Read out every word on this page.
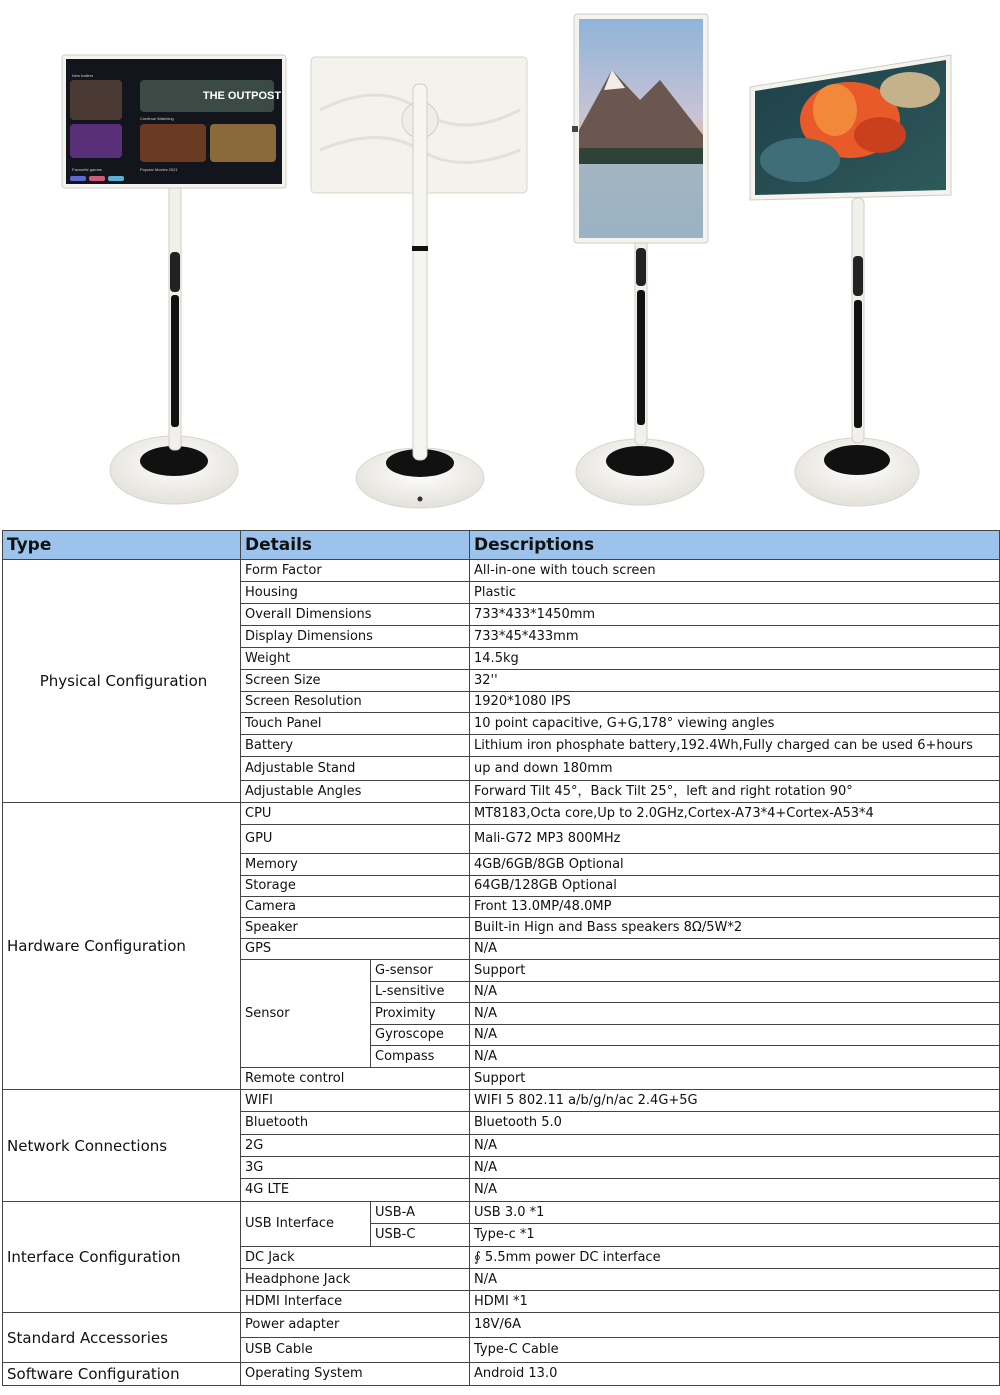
THE OUTPOST
New trailers
Continue Watching
Favourite games	Popular Movies 2021
Type	Details		Descriptions
Physical Configuration	Form Factor		All-in-one with touch screen
	Housing		Plastic
	Overall Dimensions		733*433*1450mm
	Display Dimensions		733*45*433mm
	Weight		14.5kg
	Screen Size		32''
	Screen Resolution		1920*1080 IPS
	Touch Panel		10 point capacitive, G+G,178° viewing angles
	Battery		Lithium iron phosphate battery,192.4Wh,Fully charged can be used 6+hours
	Adjustable Stand		up and down 180mm
	Adjustable Angles		Forward Tilt 45°，Back Tilt 25°，left and right rotation 90°
Hardware Configuration	CPU		MT8183,Octa core,Up to 2.0GHz,Cortex-A73*4+Cortex-A53*4
	GPU		Mali-G72 MP3 800MHz
	Memory		4GB/6GB/8GB Optional
	Storage		64GB/128GB Optional
	Camera		Front 13.0MP/48.0MP
	Speaker		Built-in Hign and Bass speakers 8Ω/5W*2
	GPS		N/A
	Sensor	G-sensor	Support
		L-sensitive	N/A
		Proximity	N/A
		Gyroscope	N/A
		Compass	N/A
	Remote control		Support
Network Connections	WIFI		WIFI 5 802.11 a/b/g/n/ac 2.4G+5G
	Bluetooth		Bluetooth 5.0
	2G		N/A
	3G		N/A
	4G LTE		N/A
Interface Configuration	USB Interface	USB-A	USB 3.0 *1
		USB-C	Type-c *1
	DC Jack		∮ 5.5mm power DC interface
	Headphone Jack		N/A
	HDMI Interface		HDMI *1
Standard Accessories	Power adapter		18V/6A
	USB Cable		Type-C Cable
Software Configuration	Operating System		Android 13.0
